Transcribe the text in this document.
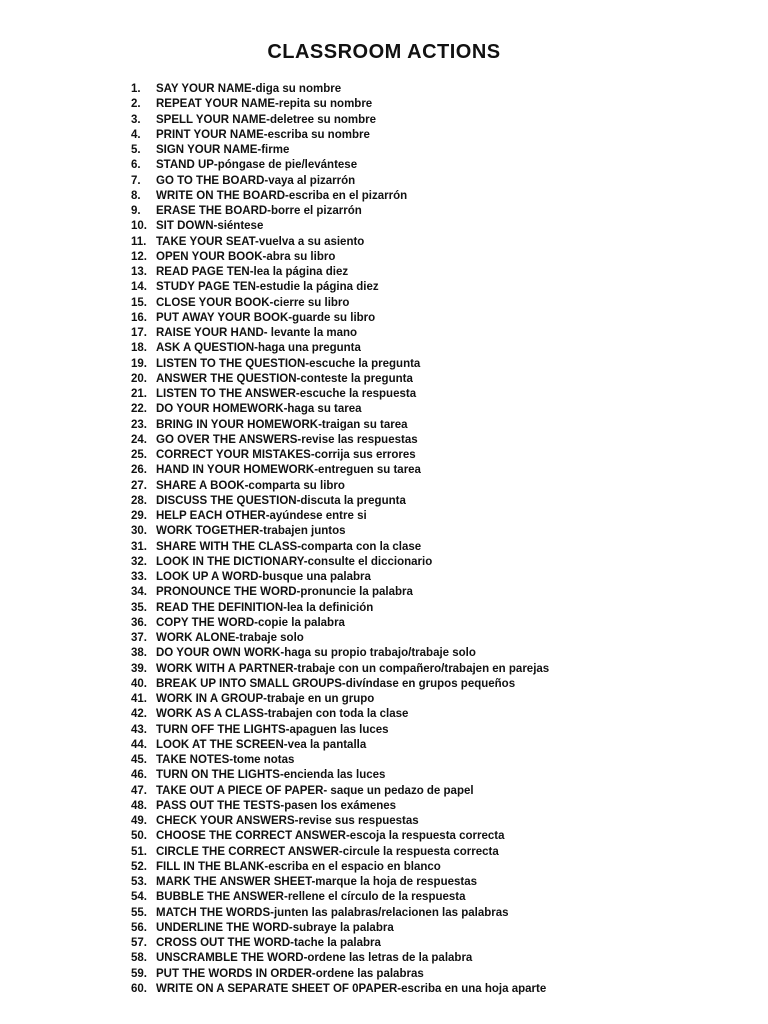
CLASSROOM ACTIONS
1. SAY YOUR NAME-diga su nombre
2. REPEAT YOUR NAME-repita su nombre
3. SPELL YOUR NAME-deletree su nombre
4. PRINT YOUR NAME-escriba su nombre
5. SIGN YOUR NAME-firme
6. STAND UP-póngase de pie/levántese
7. GO TO THE BOARD-vaya al pizarrón
8. WRITE ON THE BOARD-escriba en el pizarrón
9. ERASE THE BOARD-borre el pizarrón
10. SIT DOWN-siéntese
11. TAKE YOUR SEAT-vuelva a su asiento
12. OPEN YOUR BOOK-abra su libro
13. READ PAGE TEN-lea la página diez
14. STUDY PAGE TEN-estudie la página diez
15. CLOSE YOUR BOOK-cierre su libro
16. PUT AWAY YOUR BOOK-guarde su libro
17. RAISE YOUR HAND- levante la mano
18. ASK A QUESTION-haga una pregunta
19. LISTEN TO THE QUESTION-escuche la pregunta
20. ANSWER THE QUESTION-conteste la pregunta
21. LISTEN TO THE ANSWER-escuche la respuesta
22. DO YOUR HOMEWORK-haga su tarea
23. BRING IN YOUR HOMEWORK-traigan su tarea
24. GO OVER THE ANSWERS-revise las respuestas
25. CORRECT YOUR MISTAKES-corrija sus errores
26. HAND IN YOUR HOMEWORK-entreguen su tarea
27. SHARE A BOOK-comparta su libro
28. DISCUSS THE QUESTION-discuta la pregunta
29. HELP EACH OTHER-ayúndese entre si
30. WORK TOGETHER-trabajen juntos
31. SHARE WITH THE CLASS-comparta con la clase
32. LOOK IN THE DICTIONARY-consulte el diccionario
33. LOOK UP A WORD-busque una palabra
34. PRONOUNCE THE WORD-pronuncie la palabra
35. READ THE DEFINITION-lea la definición
36. COPY THE WORD-copie la palabra
37. WORK ALONE-trabaje solo
38. DO YOUR OWN WORK-haga su propio trabajo/trabaje solo
39. WORK WITH A PARTNER-trabaje con un compañero/trabajen en parejas
40. BREAK UP INTO SMALL GROUPS-divíndase en grupos pequeños
41. WORK IN A GROUP-trabaje en un grupo
42. WORK AS A CLASS-trabajen con toda la clase
43. TURN OFF THE LIGHTS-apaguen las luces
44. LOOK AT THE SCREEN-vea la pantalla
45. TAKE NOTES-tome notas
46. TURN ON THE LIGHTS-encienda las luces
47. TAKE OUT A PIECE OF PAPER- saque un pedazo de papel
48. PASS OUT THE TESTS-pasen los exámenes
49. CHECK YOUR ANSWERS-revise sus respuestas
50. CHOOSE THE CORRECT ANSWER-escoja la respuesta correcta
51. CIRCLE THE CORRECT ANSWER-circule la respuesta correcta
52. FILL IN THE BLANK-escriba en el espacio en blanco
53. MARK THE ANSWER SHEET-marque la hoja de respuestas
54. BUBBLE THE ANSWER-rellene el círculo de la respuesta
55. MATCH THE WORDS-junten las palabras/relacionen las palabras
56. UNDERLINE THE WORD-subraye la palabra
57. CROSS OUT THE WORD-tache la palabra
58. UNSCRAMBLE THE WORD-ordene las letras de la palabra
59. PUT THE WORDS IN ORDER-ordene las palabras
60. WRITE ON A SEPARATE SHEET OF 0PAPER-escriba en una hoja aparte
